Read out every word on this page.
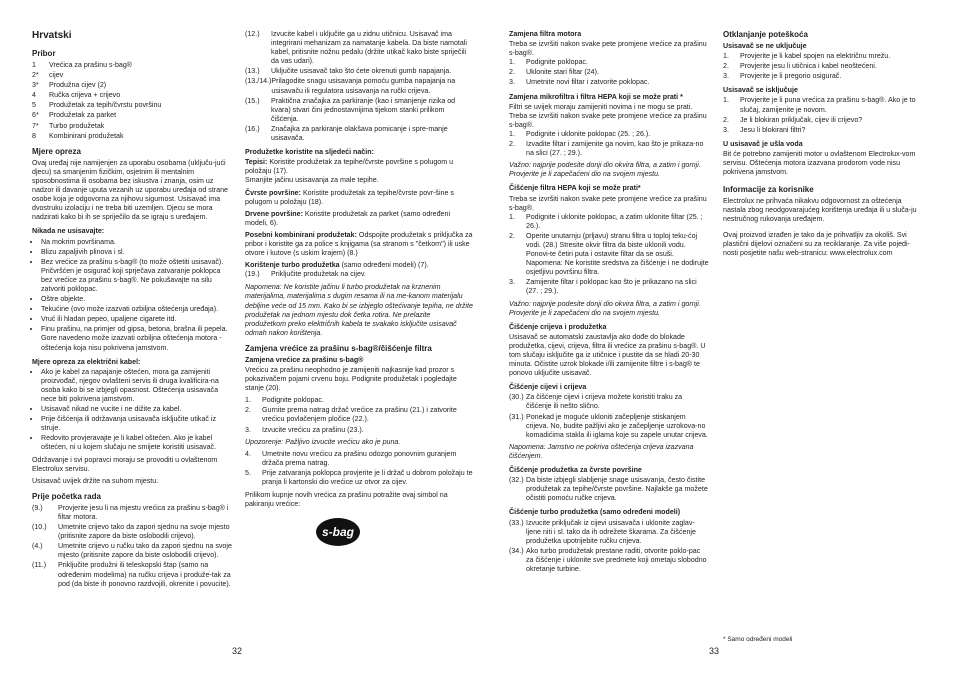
Hrvatski
Pribor
1	Vrećica za prašinu s-bag®
2*	cijev
3*	Produžna cijev (2)
4	Ručka crijeva + crijevo
5	Produžetak za tepih/čvrstu površinu
6*	Produžetak za parket
7*	Turbo produžetak
8	Kombinirani produžetak
Mjere opreza

Ovaj uređaj nije namijenjen za uporabu osobama (uključu-jući djecu) sa smanjenim fizičkim, osjetnim ili mentalnim sposobnostima ili osobama bez iskustva i znanja, osim uz nadzor ili davanje uputa vezanih uz uporabu uređaja od strane osobe koja je odgovorna za njihovu sigurnost. Usisavač ima dvostruku izolaciju i ne treba biti uzemljen. Djecu se mora nadzirati kako bi ih se spriječilo da se igraju s uređajem.

Nikada ne usisavajte:
• Na mokrim površinama.
• Blizu zapaljivih plinova i sl.
• Bez vrećice za prašinu s-bag® (to može oštetiti usisavač). Pričvršćen je osigurač koji sprječava zatvaranje poklopca bez vrećice za prašinu s-bag®. Ne pokušavajte na silu zatvoriti poklopac.
• Oštre objekte.
• Tekućine (ovo može izazvati ozbiljna oštećenja uređaja).
• Vruć ili hladan pepeo, upaljene cigarete itd.
• Finu prašinu, na primjer od gipsa, betona, brašna ili pepela. Gore navedeno može izazvati ozbiljna oštećenja motora - oštećenja koja nisu pokrivena jamstvom.
Mjere opreza za električni kabel:
• Ako je kabel za napajanje oštećen, mora ga zamijeniti proizvođač, njegov ovlašteni servis ili druga kvalificira-na osoba kako bi se izbjegli opasnost. Oštećenja usisavača nece biti pokrivena jamstvom.
• Usisavač nikad ne vucite i ne dižite za kabel.
• Prije čišćenja ili održavanja usisavača isključite utikač iz struje.
• Redovito provjeravajte je li kabel oštećen. Ako je kabel oštećen, ni u kojem slučaju ne smijete koristiti usisavač.

Održavanje i svi popravci moraju se provoditi u ovlaštenom Electrolux servisu.

Usisavač uvijek držite na suhom mjestu.

Prije početka rada
(9.)	Provjerite jesu li na mjestu vrećica za prašinu s-bag® i filtar motora.
(10.)	Umetnite crijevo tako da zapori sjednu na svoje mjesto (pritisnite zapore da biste oslobodili crijevo).
(4.)	Umetnite crijevo u ručku tako da zapori sjednu na svoje mjesto (pritisnite zapore da biste oslobodili crijevo).
(11.)	Priključite produžni ili teleskopski štap (samo na određenim modelima) na ručku crijeva i produže-tak za pod (da biste ih ponovno razdvojili, okrenite i povucite).
(12.)	Izvucite kabel i uključite ga u zidnu utičnicu. Usisavač ima integrirani mehanizam za namatanje kabela. Da biste namotali kabel, pritisnite nožnu pedalu (držite utikač kako biste spriječili da vas udari).
(13.)	Uključite usisavač tako što ćete okrenuti gumb napajanja.
(13./14.) Prilagodite snagu usisavanja pomoću gumba napajanja na usisavaču ili regulatora usisavanja na ručki crijeva.
(15.)	Praktična značajka za parkiranje (kao i smanjenje rizika od kvara) stvari čini jednostavnijima tijekom stanki prilikom čišćenja.
(16.)	Značajka za parkiranje olakšava pomicanje i spre-manje usisavača.
Produžetke koristite na sljedeći način:

Tepisi: Koristite produžetak za tepihe/čvrste površine s polugom u položaju (17).
Smanjite jačinu usisavanja za male tepihe.

Čvrste površine: Koristite produžetak za tepihe/čvrste povr-šine s polugom u položaju (18).

Drvene površine: Koristite produžetak za parket (samo određeni modeli, 6).

Posebni kombinirani produžetak: Odspojite produžetak s priključka za pribor i koristite ga za police s knjigama (sa stranom s "četkom") ili uske otvore i kutove (s uskim krajem) (8.)

Korištenje turbo produžetka (samo određeni modeli) (7).

(19.)	Priključite produžetak na cijev.

Napomena: Ne koristite jačinu li turbo produžetak na krznenim materijalima, materijalima s dugim resama ili na me-kanom materijalu debljine veće od 15 mm. Kako bi se izbjeglo oštećivanje tepiha, ne držite produžetak na jednom mjestu dok četka rotira. Ne prelazite produžetkom preko električnih kabela te svakako isključite usisavač odmah nakon korištenja.

Zamjena vrećice za prašinu s-bag®/čišćenje filtra
Zamjena vrećice za prašinu s-bag®

Vrećicu za prašinu neophodno je zamijeniti najkasnije kad prozor s pokazivačem pojami crvenu boju. Podignite produžetak i pogledajte stanje (20).

1.	Podignite poklopac.
2.	Gurnite prema natrag držač vrećice za prašinu (21.) i zatvorite vrećicu povlačenjem pločice (22.).
3.	Izvucite vrećicu za prašinu (23.).

Upozorenje: Pažljivo izvucite vrećicu ako je puna.

4.	Umetnite novu vrećicu za prašinu odozgo ponovnim guranjem držača prema natrag.
5.	Prije zatvaranja poklopca provjerite je li držač u dobrom položaju te pranja li kartonski dio vrećice uz otvor za cijev.

Prilikom kupnje novih vrećica za prašinu potražite ovaj simbol na pakiranju vrećice:

s-bag
Zamjena filtra motora

Treba se izvršiti nakon svake pete promjene vrećice za prašinu s-bag®.

1.	Podignite poklopac.
2.	Uklonite stari filtar (24).
3.	Umetnite novi filtar i zatvorite poklopac.
Zamjena mikrofiltra i filtra HEPA koji se može prati *

Filtri se uvijek moraju zamijeniti novima i ne mogu se prati. Treba se izvršiti nakon svake pete promjene vrećice za prašinu s-bag®.

1.	Podignite i uklonite poklopac (25. ; 26.).
2.	Izvadite filtar i zamijenite ga novim, kao što je prikaza-no na slici (27. ; 29.).

Važno: najprije podesite donji dio okvira filtra, a zatim i gornji. Provjerite je li zapečaćeni dio na svojem mjestu.

Čišćenje filtra HEPA koji se može prati*

Treba se izvršiti nakon svake pete promjene vrećice za prašinu s-bag®.

1.	Podignite i uklonite poklopac, a zatim uklonite filtar (25. ; 26.).
2.	Operite unutarnju (prljavu) stranu filtra u toploj teku-ćoj vodi. (28.) Stresite okvir filtra da biste uklonili vodu. Ponovi-te četiri puta i ostavite filtar da se osuši. Napomena: Ne koristite sredstva za čišćenje i ne dodirujte osjetljivu površinu filtra.
3.	Zamijenite filtar i poklopac kao što je prikazano na slici (27. ; 29.).

Važno: najprije podesite donji dio okvira filtra, a zatim i gornji. Provjerite je li zapečaćeni dio na svojem mjestu.

Čišćenje crijeva i produžetka

Usisavač se automatski zaustavlja ako dođe do blokade produžetka, cijevi, crijeva, filtra ili vrećice za prašinu s-bag®. U tom slučaju isključite ga iz utičnice i pustite da se hladi 20-30 minuta. Očistite uzrok blokade i/ili zamijenite filtre i s-bag® te ponovo uključite usisavač.

Čišćenje cijevi i crijeva
(30.) Za čišćenje cijevi i crijeva možete koristiti traku za čišćenje ili nešto slično.
(31.) Ponekad je moguće ukloniti začepljenje stiskanjem crijeva. No, budite pažljivi ako je začepljenje uzrokova-no komadićima stakla ili iglama koje su zapele unutar crijeva.

Napomena: Jamstvo ne pokriva oštećenja crijeva izazvana čišćenjem.

Čišćenje produžetka za čvrste površine
(32.) Da biste izbjegli slabljenje snage usisavanja, često čistite produžetak za tepihe/čvrste površine. Najlakše ga možete očistiti pomoću ručke crijeva.
Čišćenje turbo produžetka (samo određeni modeli)
(33.) Izvucite priključak iz cijevi usisavača i uklonite zaglav-ljene niti i sl. tako da ih odrežete škarama. Za čišćenje produžetka upotrijebite ručku crijeva.
(34.) Ako turbo produžetak prestane raditi, otvorite poklo-pac za čišćenje i uklonite sve predmete koji ometaju slobodno okretanje turbine.
Otklanjanje poteškoća
Usisavač se ne uključuje
1.	Provjerite je li kabel spojen na električnu mrežu.
2.	Provjerite jesu li utičnica i kabel neoštećeni.
3.	Provjerite je li pregorio osigurač.
Usisavač se isključuje
1.	Provjerite je li puna vrećica za prašinu s-bag®. Ako je to slučaj, zamijenite je novom.
2.	Je li blokiran priključak, cijev ili crijevo?
3.	Jesu li blokirani filtri?
U usisavač je ušla voda

Bit će potrebno zamijeniti motor u ovlaštenom Electrolux-vom servisu. Oštećenja motora izazvana prodorom vode nisu pokrivena jamstvom.

Informacije za korisnike

Electrolux ne prihvaća nikakvu odgovornost za oštećenja nastala zbog neodgovarajućeg korištenja uređaja ili u sluča-ju nestručnog rukovanja uređajem.

Ovaj proizvod izrađen je tako da je prihvatljiv za okoliš. Svi plastični dijelovi označeni su za reciklaranje. Za više pojedi-nosti posjetite našu web-stranicu: www.electrolux.com

* Samo određeni modeli
32	33
